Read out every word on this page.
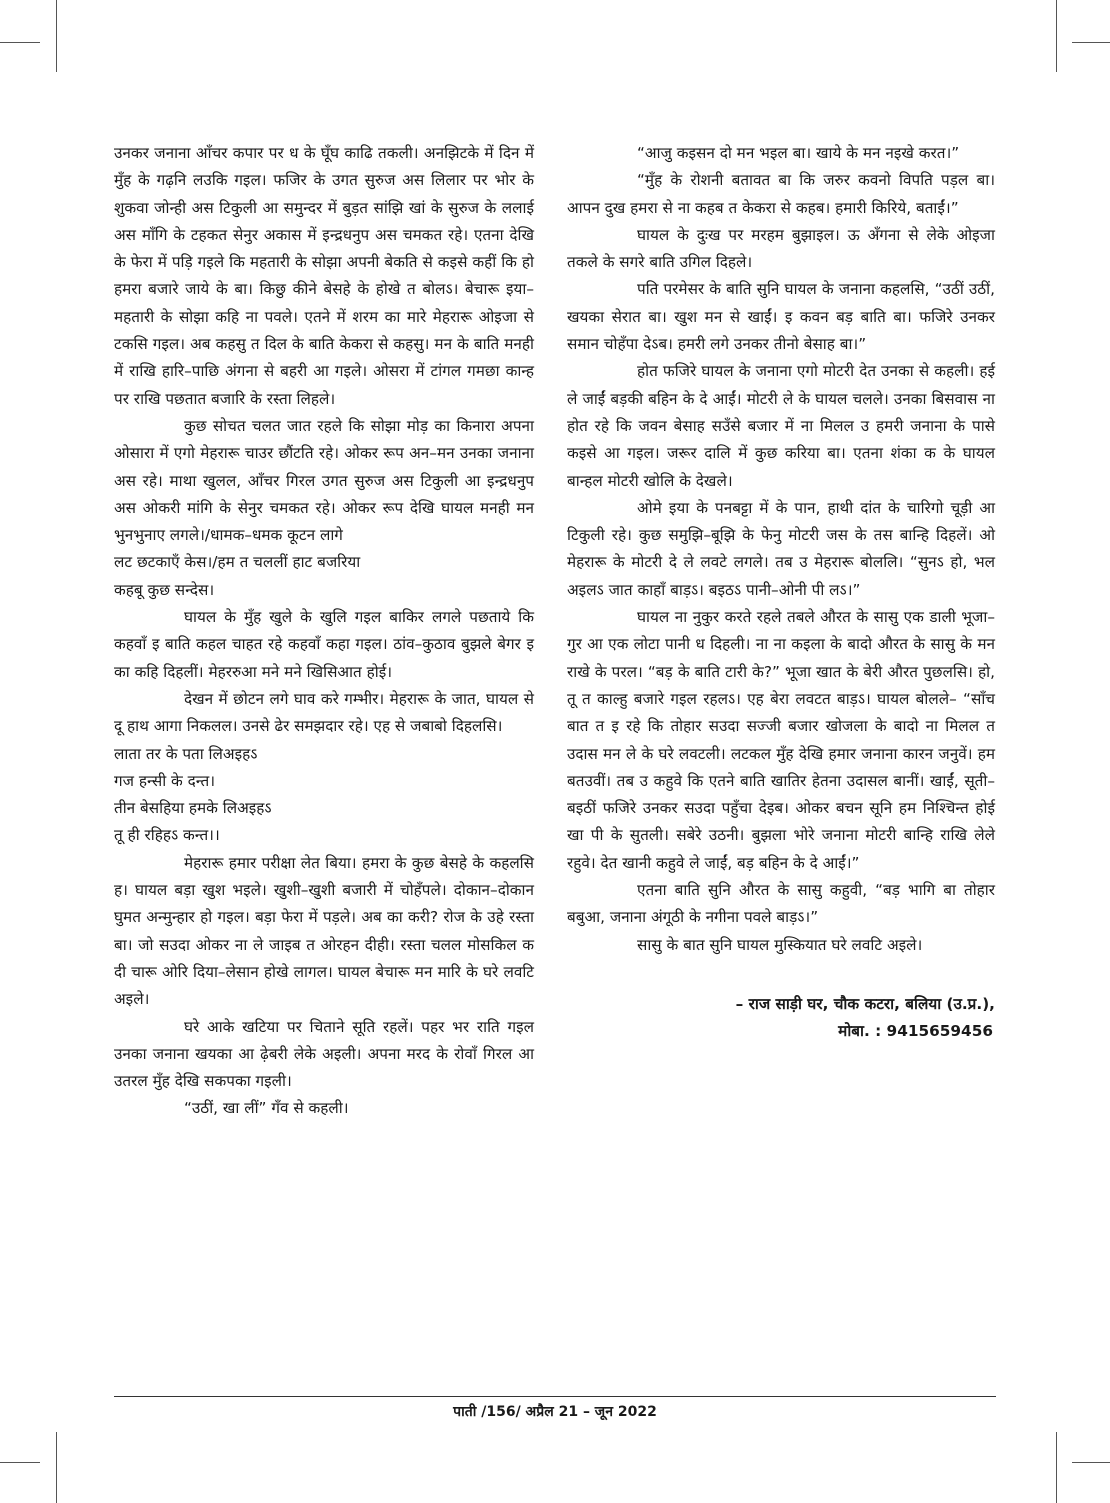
उनकर जनाना आँचर कपार पर ध के घूँघ काढि तकली। अनझिटके में दिन में मुँह के गढ़नि लउकि गइल। फजिर के उगत सुरुज अस लिलार पर भोर के शुकवा जोन्ही अस टिकुली आ समुन्दर में बुड़त सांझि खां के सुरुज के ललाई अस माँगि के टहकत सेनुर अकास में इन्द्रधनुप अस चमकत रहे। एतना देखि के फेरा में पड़ि गइले कि महतारी के सोझा अपनी बेकति से कइसे कहीं कि हो हमरा बजारे जाये के बा। किछु कीने बेसहे के होखे त बोलऽ। बेचारू इया–महतारी के सोझा कहि ना पवले। एतने में शरम का मारे मेहरारू ओइजा से टकसि गइल। अब कहसु त दिल के बाति केकरा से कहसु। मन के बाति मनही में राखि हारि–पाछि अंगना से बहरी आ गइले। ओसरा में टांगल गमछा कान्ह पर राखि पछतात बजारि के रस्ता लिहले।

कुछ सोचत चलत जात रहले कि सोझा मोड़ का किनारा अपना ओसारा में एगो मेहरारू चाउर छौंटति रहे। ओकर रूप अन–मन उनका जनाना अस रहे। माथा खुलल, आँचर गिरल उगत सुरुज अस टिकुली आ इन्द्रधनुप अस ओकरी मांगि के सेनुर चमकत रहे। ओकर रूप देखि घायल मनही मन भुनभुनाए लगले।/धामक–धमक कूटन लागे

लट छटकाएँ केस।/हम त चललीं हाट बजरिया

कहबू कुछ सन्देस।

घायल के मुँह खुले के खुलि गइल बाकिर लगले पछताये कि कहवाँ इ बाति कहल चाहत रहे कहवाँ कहा गइल। ठांव–कुठाव बुझले बेगर इ का कहि दिहलीं। मेहररुआ मने मने खिसिआत होई।

देखन में छोटन लगे घाव करे गम्भीर। मेहरारू के जात, घायल से दू हाथ आगा निकलल। उनसे ढेर समझदार रहे। एह से जबाबो दिहलसि।

लाता तर के पता लिअइहऽ

गज हन्सी के दन्त।

तीन बेसहिया हमके लिअइहऽ

तू ही रहिहऽ कन्त।।

मेहरारू हमार परीक्षा लेत बिया। हमरा के कुछ बेसहे के कहलसि ह। घायल बड़ा खुश भइले। खुशी–खुशी बजारी में चोहँपले। दोकान–दोकान घुमत अन्मुन्हार हो गइल। बड़ा फेरा में पड़ले। अब का करी? रोज के उहे रस्ता बा। जो सउदा ओकर ना ले जाइब त ओरहन दीही। रस्ता चलल मोसकिल क दी चारू ओरि दिया–लेसान होखे लागल। घायल बेचारू मन मारि के घरे लवटि अइले।

घरे आके खटिया पर चिताने सूति रहलें। पहर भर राति गइल उनका जनाना खयका आ ढ़ेबरी लेके अइली। अपना मरद के रोवाँ गिरल आ उतरल मुँह देखि सकपका गइली।

“उठीं, खा लीं” गँव से कहली।

“आजु कइसन दो मन भइल बा। खाये के मन नइखे करत।”

“मुँह के रोशनी बतावत बा कि जरुर कवनो विपति पड़ल बा। आपन दुख हमरा से ना कहब त केकरा से कहब। हमारी किरिये, बताईं।”

घायल के दुःख पर मरहम बुझाइल। ऊ अँगना से लेके ओइजा तकले के सगरे बाति उगिल दिहले।

पति परमेसर के बाति सुनि घायल के जनाना कहलसि, “उठीं उठीं, खयका सेरात बा। खुश मन से खाईं। इ कवन बड़ बाति बा। फजिरे उनकर समान चोहँपा देऽब। हमरी लगे उनकर तीनो बेसाह बा।”

होत फजिरे घायल के जनाना एगो मोटरी देत उनका से कहली। हई ले जाईं बड़की बहिन के दे आईं। मोटरी ले के घायल चलले। उनका बिसवास ना होत रहे कि जवन बेसाह सउँसे बजार में ना मिलल उ हमरी जनाना के पासे कइसे आ गइल। जरूर दालि में कुछ करिया बा। एतना शंका क के घायल बान्हल मोटरी खोलि के देखले।

ओमे इया के पनबट्टा में के पान, हाथी दांत के चारिगो चूड़ी आ टिकुली रहे। कुछ समुझि–बूझि के फेनु मोटरी जस के तस बान्हि दिहलें। ओ मेहरारू के मोटरी दे ले लवटे लगले। तब उ मेहरारू बोललि। “सुनऽ हो, भल अइलऽ जात काहाँ बाड़ऽ। बइठऽ पानी–ओनी पी लऽ।”

घायल ना नुकुर करते रहले तबले औरत के सासु एक डाली भूजा–गुर आ एक लोटा पानी ध दिहली। ना ना कइला के बादो औरत के सासु के मन राखे के परल। “बड़ के बाति टारी के?” भूजा खात के बेरी औरत पुछलसि। हो, तू त काल्हु बजारे गइल रहलऽ। एह बेरा लवटत बाड़ऽ। घायल बोलले– “साँच बात त इ रहे कि तोहार सउदा सज्जी बजार खोजला के बादो ना मिलल त उदास मन ले के घरे लवटली। लटकल मुँह देखि हमार जनाना कारन जनुवें। हम बतउवीं। तब उ कहुवे कि एतने बाति खातिर हेतना उदासल बानीं। खाईं, सूती–बइठीं फजिरे उनकर सउदा पहुँचा देइब। ओकर बचन सूनि हम निश्चिन्त होई खा पी के सुतली। सबेरे उठनी। बुझला भोरे जनाना मोटरी बान्हि राखि लेले रहुवे। देत खानी कहुवे ले जाईं, बड़ बहिन के दे आईं।”

एतना बाति सुनि औरत के सासु कहुवी, “बड़ भागि बा तोहार बबुआ, जनाना अंगूठी के नगीना पवले बाड़ऽ।”

सासु के बात सुनि घायल मुस्कियात घरे लवटि अइले।

– राज साड़ी घर, चौक कटरा, बलिया (उ.प्र.),

मोबा. : 9415659456

पाती /156/ अप्रैल 21 – जून 2022
